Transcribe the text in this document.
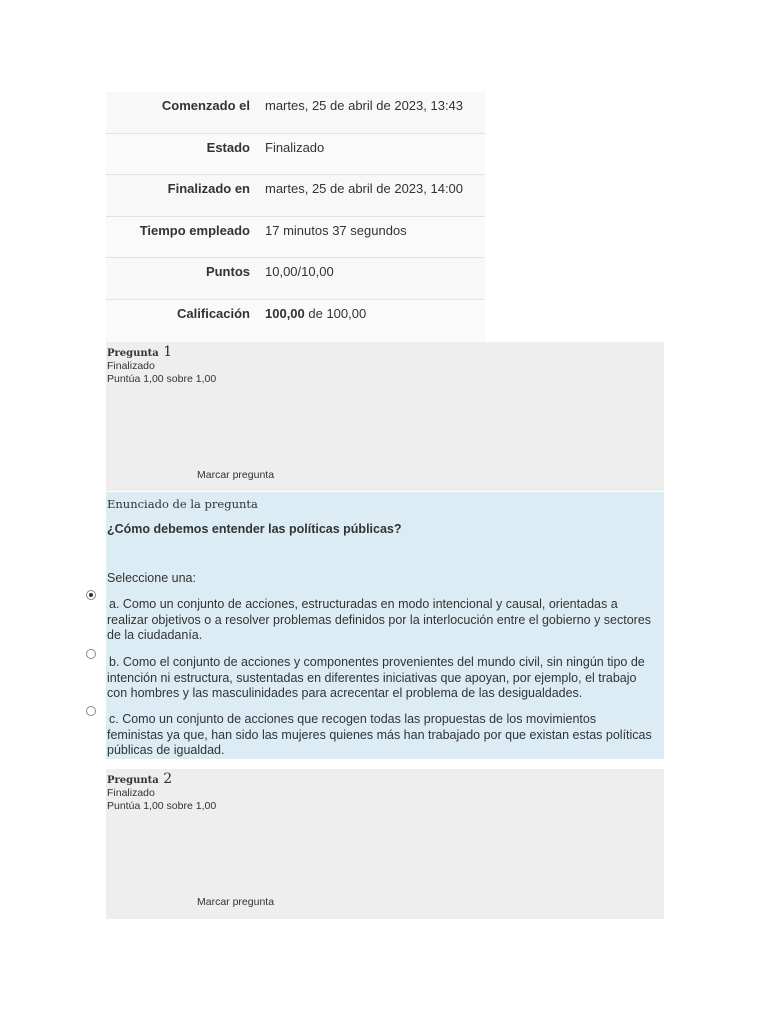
Comenzado el	martes, 25 de abril de 2023, 13:43
Estado	Finalizado
Finalizado en	martes, 25 de abril de 2023, 14:00
Tiempo empleado	17 minutos 37 segundos
Puntos	10,00/10,00
Calificación	100,00 de 100,00
Pregunta 1
Finalizado
Puntúa 1,00 sobre 1,00
Marcar pregunta
Enunciado de la pregunta
¿Cómo debemos entender las políticas públicas?
Seleccione una:
a. Como un conjunto de acciones, estructuradas en modo intencional y causal, orientadas a realizar objetivos o a resolver problemas definidos por la interlocución entre el gobierno y sectores de la ciudadanía.
b. Como el conjunto de acciones y componentes provenientes del mundo civil, sin ningún tipo de intención ni estructura, sustentadas en diferentes iniciativas que apoyan, por ejemplo, el trabajo con hombres y las masculinidades para acrecentar el problema de las desigualdades.
c. Como un conjunto de acciones que recogen todas las propuestas de los movimientos feministas ya que, han sido las mujeres quienes más han trabajado por que existan estas políticas públicas de igualdad.
Pregunta 2
Finalizado
Puntúa 1,00 sobre 1,00
Marcar pregunta
